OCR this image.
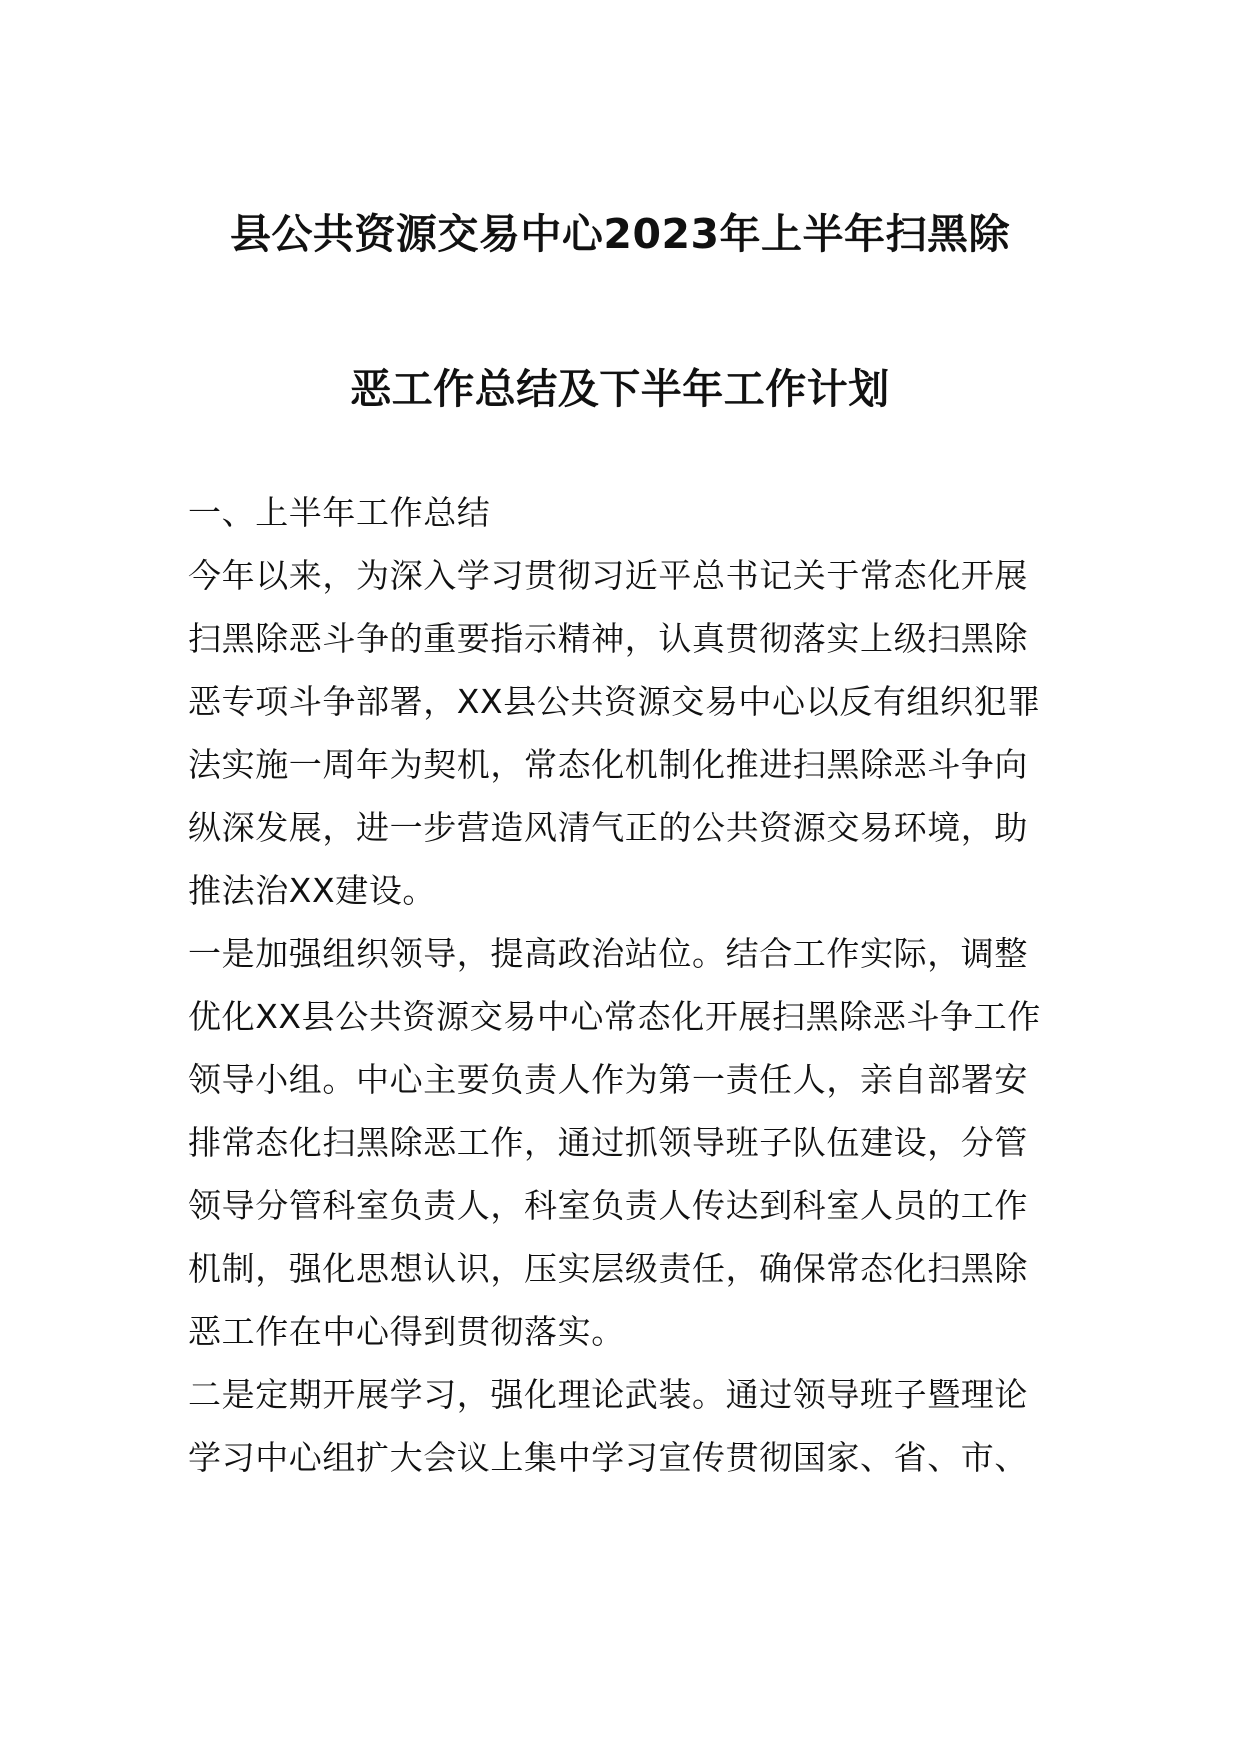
县公共资源交易中心2023年上半年扫黑除
恶工作总结及下半年工作计划
一、上半年工作总结
今年以来，为深入学习贯彻习近平总书记关于常态化开展
扫黑除恶斗争的重要指示精神，认真贯彻落实上级扫黑除
恶专项斗争部署，XX县公共资源交易中心以反有组织犯罪
法实施一周年为契机，常态化机制化推进扫黑除恶斗争向
纵深发展，进一步营造风清气正的公共资源交易环境，助
推法治XX建设。
一是加强组织领导，提高政治站位。结合工作实际，调整
优化XX县公共资源交易中心常态化开展扫黑除恶斗争工作
领导小组。中心主要负责人作为第一责任人，亲自部署安
排常态化扫黑除恶工作，通过抓领导班子队伍建设，分管
领导分管科室负责人，科室负责人传达到科室人员的工作
机制，强化思想认识，压实层级责任，确保常态化扫黑除
恶工作在中心得到贯彻落实。
二是定期开展学习，强化理论武装。通过领导班子暨理论
学习中心组扩大会议上集中学习宣传贯彻国家、省、市、
